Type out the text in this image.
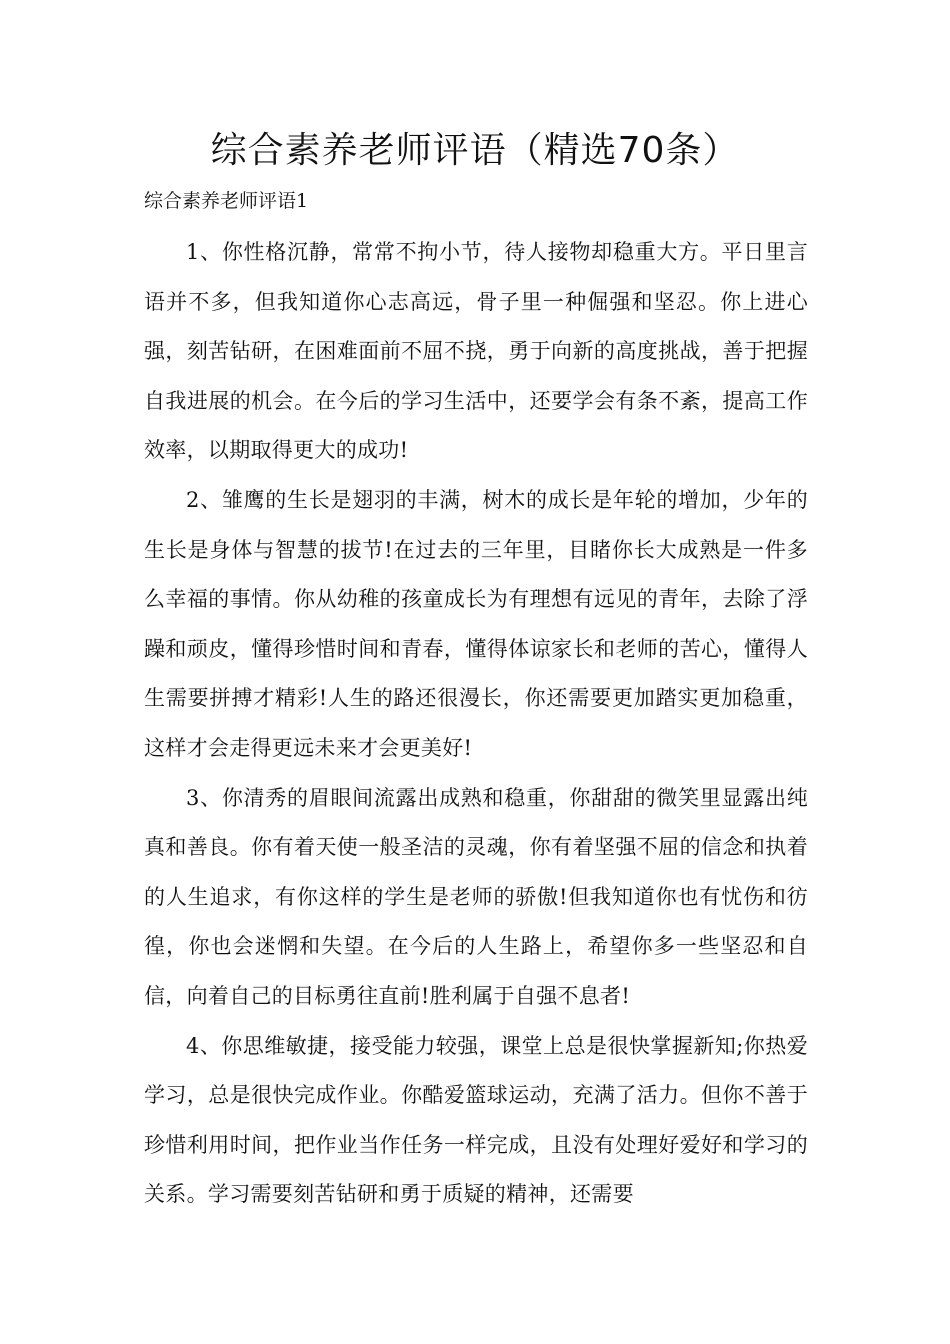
综合素养老师评语（精选70条）
综合素养老师评语1

1、你性格沉静，常常不拘小节，待人接物却稳重大方。平日里言语并不多，但我知道你心志高远，骨子里一种倔强和坚忍。你上进心强，刻苦钻研，在困难面前不屈不挠，勇于向新的高度挑战，善于把握自我进展的机会。在今后的学习生活中，还要学会有条不紊，提高工作效率，以期取得更大的成功!

2、雏鹰的生长是翅羽的丰满，树木的成长是年轮的增加，少年的生长是身体与智慧的拔节!在过去的三年里，目睹你长大成熟是一件多么幸福的事情。你从幼稚的孩童成长为有理想有远见的青年，去除了浮躁和顽皮，懂得珍惜时间和青春，懂得体谅家长和老师的苦心，懂得人生需要拼搏才精彩!人生的路还很漫长，你还需要更加踏实更加稳重，这样才会走得更远未来才会更美好!

3、你清秀的眉眼间流露出成熟和稳重，你甜甜的微笑里显露出纯真和善良。你有着天使一般圣洁的灵魂，你有着坚强不屈的信念和执着的人生追求，有你这样的学生是老师的骄傲!但我知道你也有忧伤和彷徨，你也会迷惘和失望。在今后的人生路上，希望你多一些坚忍和自信，向着自己的目标勇往直前!胜利属于自强不息者!

4、你思维敏捷，接受能力较强，课堂上总是很快掌握新知;你热爱学习，总是很快完成作业。你酷爱篮球运动，充满了活力。但你不善于珍惜利用时间，把作业当作任务一样完成，且没有处理好爱好和学习的关系。学习需要刻苦钻研和勇于质疑的精神，还需要
